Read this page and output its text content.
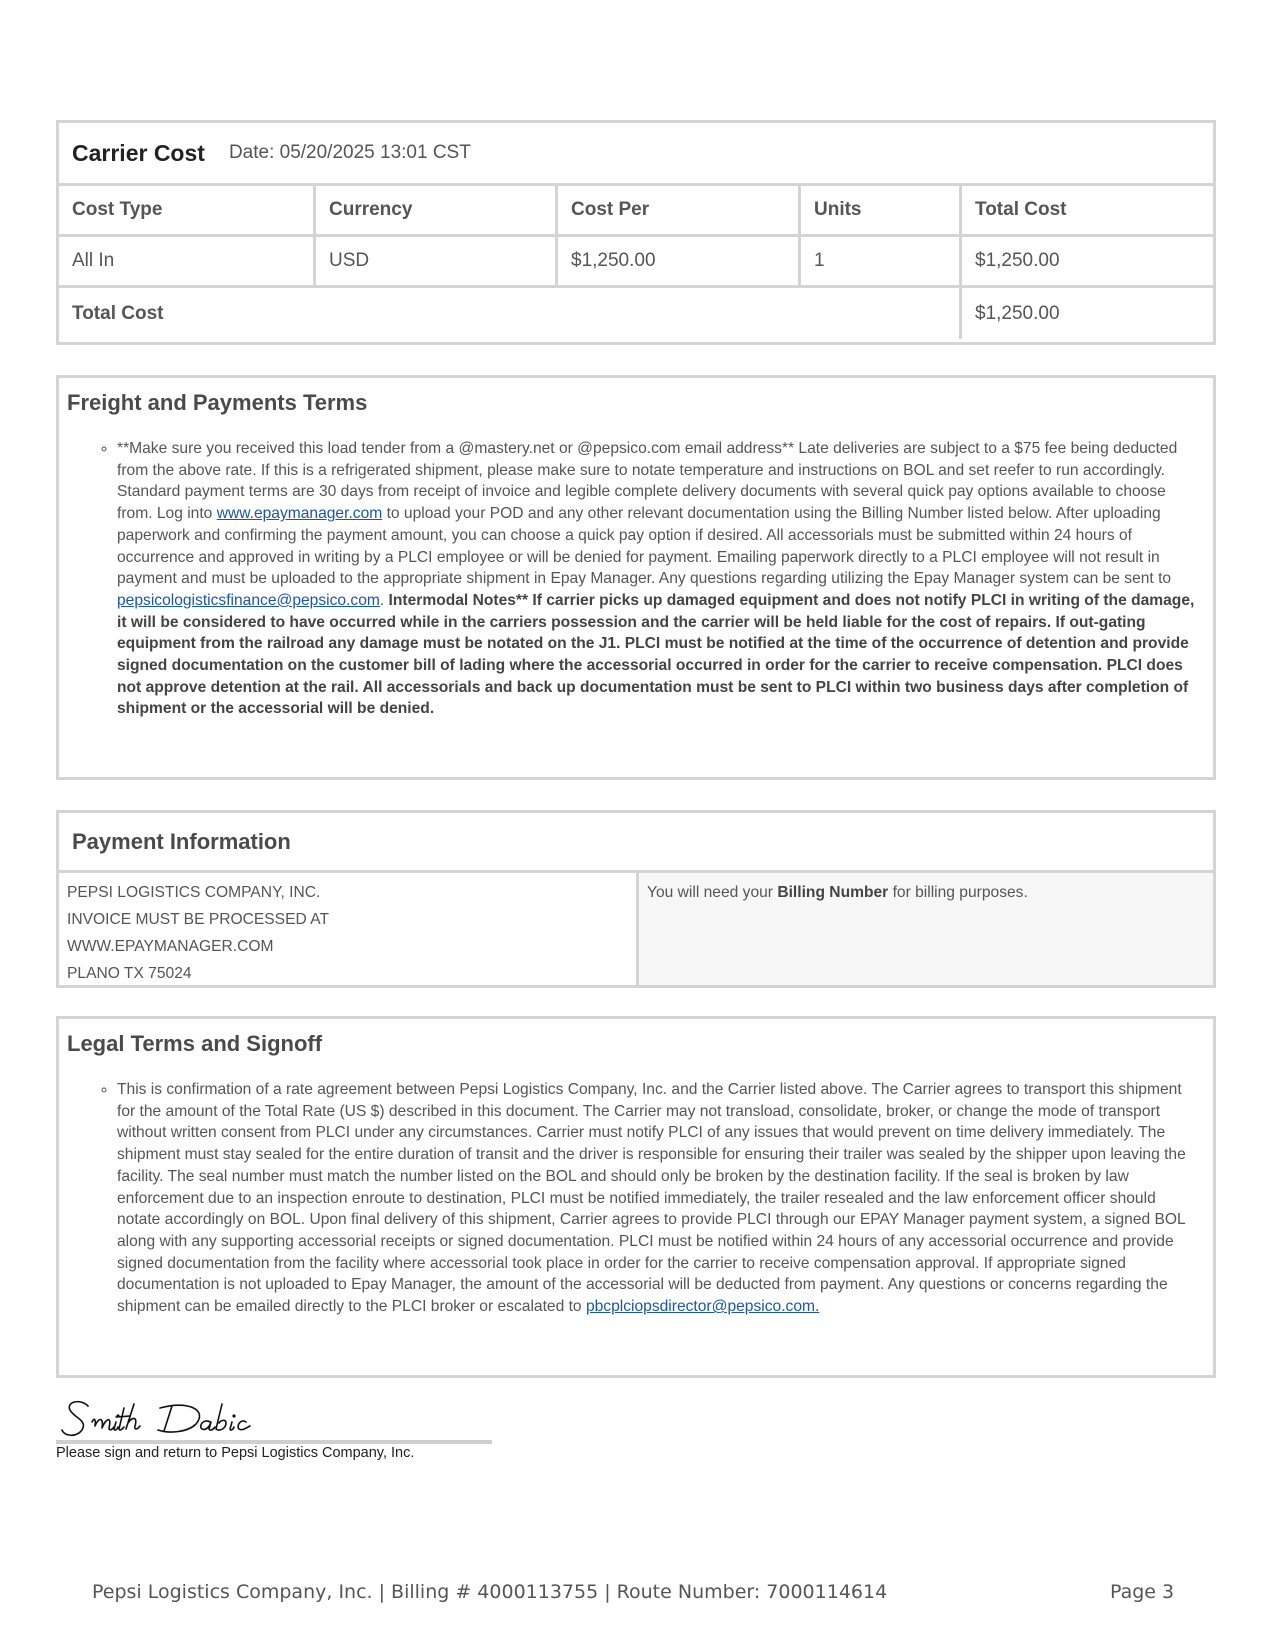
Carrier Cost Date: 05/20/2025 13:01 CST
Cost Type	Currency	Cost Per	Units	Total Cost
All In	USD	$1,250.00	1	$1,250.00
Total Cost	$1,250.00
Freight and Payments Terms
◦ **Make sure you received this load tender from a @mastery.net or @pepsico.com email address** Late deliveries are subject to a $75 fee being deducted from the above rate. If this is a refrigerated shipment, please make sure to notate temperature and instructions on BOL and set reefer to run accordingly. Standard payment terms are 30 days from receipt of invoice and legible complete delivery documents with several quick pay options available to choose from. Log into www.epaymanager.com to upload your POD and any other relevant documentation using the Billing Number listed below. After uploading paperwork and confirming the payment amount, you can choose a quick pay option if desired. All accessorials must be submitted within 24 hours of occurrence and approved in writing by a PLCI employee or will be denied for payment. Emailing paperwork directly to a PLCI employee will not result in payment and must be uploaded to the appropriate shipment in Epay Manager. Any questions regarding utilizing the Epay Manager system can be sent to pepsicologisticsfinance@pepsico.com. Intermodal Notes** If carrier picks up damaged equipment and does not notify PLCI in writing of the damage, it will be considered to have occurred while in the carriers possession and the carrier will be held liable for the cost of repairs. If out-gating equipment from the railroad any damage must be notated on the J1. PLCI must be notified at the time of the occurrence of detention and provide signed documentation on the customer bill of lading where the accessorial occurred in order for the carrier to receive compensation. PLCI does not approve detention at the rail. All accessorials and back up documentation must be sent to PLCI within two business days after completion of shipment or the accessorial will be denied.
Payment Information
PEPSI LOGISTICS COMPANY, INC.
INVOICE MUST BE PROCESSED AT
WWW.EPAYMANAGER.COM
PLANO TX 75024
You will need your Billing Number for billing purposes.
Legal Terms and Signoff
◦ This is confirmation of a rate agreement between Pepsi Logistics Company, Inc. and the Carrier listed above. The Carrier agrees to transport this shipment for the amount of the Total Rate (US $) described in this document. The Carrier may not transload, consolidate, broker, or change the mode of transport without written consent from PLCI under any circumstances. Carrier must notify PLCI of any issues that would prevent on time delivery immediately. The shipment must stay sealed for the entire duration of transit and the driver is responsible for ensuring their trailer was sealed by the shipper upon leaving the facility. The seal number must match the number listed on the BOL and should only be broken by the destination facility. If the seal is broken by law enforcement due to an inspection enroute to destination, PLCI must be notified immediately, the trailer resealed and the law enforcement officer should notate accordingly on BOL. Upon final delivery of this shipment, Carrier agrees to provide PLCI through our EPAY Manager payment system, a signed BOL along with any supporting accessorial receipts or signed documentation. PLCI must be notified within 24 hours of any accessorial occurrence and provide signed documentation from the facility where accessorial took place in order for the carrier to receive compensation approval. If appropriate signed documentation is not uploaded to Epay Manager, the amount of the accessorial will be deducted from payment. Any questions or concerns regarding the shipment can be emailed directly to the PLCI broker or escalated to pbcplciopsdirector@pepsico.com.
Please sign and return to Pepsi Logistics Company, Inc.
Pepsi Logistics Company, Inc. | Billing # 4000113755 | Route Number: 7000114614	Page 3
